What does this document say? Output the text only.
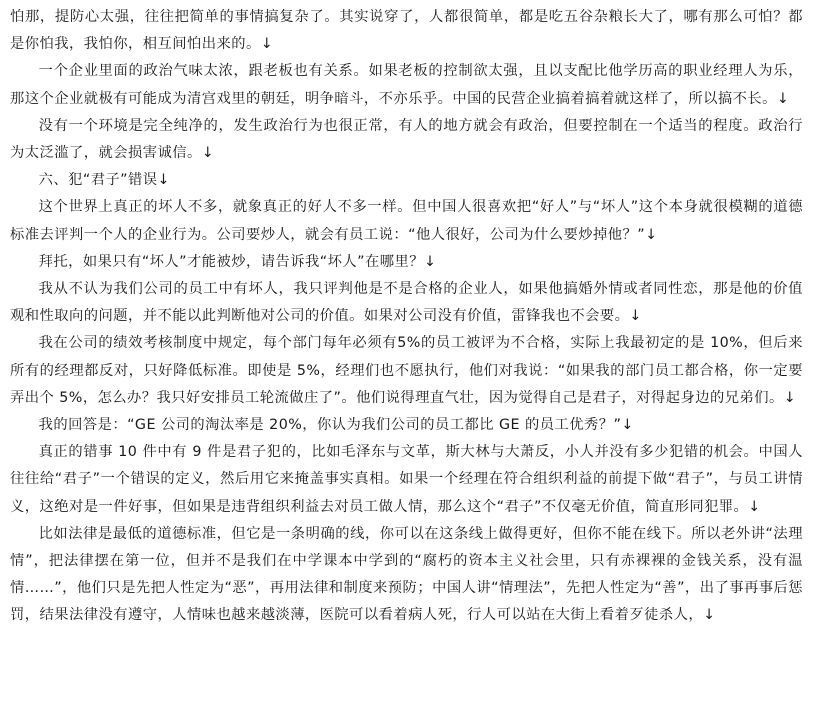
怕那，提防心太强，往往把简单的事情搞复杂了。其实说穿了，人都很简单，都是吃五谷杂粮长大了，哪有那么可怕？都是你怕我，我怕你，相互间怕出来的。↓

一个企业里面的政治气味太浓，跟老板也有关系。如果老板的控制欲太强，且以支配比他学历高的职业经理人为乐，那这个企业就极有可能成为清宫戏里的朝廷，明争暗斗，不亦乐乎。中国的民营企业搞着搞着就这样了，所以搞不长。↓

没有一个环境是完全纯净的，发生政治行为也很正常，有人的地方就会有政治，但要控制在一个适当的程度。政治行为太泛滥了，就会损害诚信。↓

六、犯“君子”错误↓

这个世界上真正的坏人不多，就象真正的好人不多一样。但中国人很喜欢把“好人”与“坏人”这个本身就很模糊的道德标准去评判一个人的企业行为。公司要炒人，就会有员工说：“他人很好，公司为什么要炒掉他？”↓

拜托，如果只有“坏人”才能被炒，请告诉我“坏人”在哪里？↓

我从不认为我们公司的员工中有坏人，我只评判他是不是合格的企业人，如果他搞婚外情或者同性恋，那是他的价值观和性取向的问题，并不能以此判断他对公司的价值。如果对公司没有价值，雷锋我也不会要。↓

我在公司的绩效考核制度中规定，每个部门每年必须有5%的员工被评为不合格，实际上我最初定的是 10%，但后来所有的经理都反对，只好降低标准。即使是 5%，经理们也不愿执行，他们对我说：“如果我的部门员工都合格，你一定要弄出个 5%，怎么办？我只好安排员工轮流做庄了”。他们说得理直气壮，因为觉得自己是君子，对得起身边的兄弟们。↓

我的回答是：“GE 公司的淘汰率是 20%，你认为我们公司的员工都比 GE 的员工优秀？”↓

真正的错事 10 件中有 9 件是君子犯的，比如毛泽东与文革，斯大林与大萧反，小人并没有多少犯错的机会。中国人往往给“君子”一个错误的定义，然后用它来掩盖事实真相。如果一个经理在符合组织利益的前提下做“君子”，与员工讲情义，这绝对是一件好事，但如果是违背组织利益去对员工做人情，那么这个“君子”不仅毫无价值，简直形同犯罪。↓

比如法律是最低的道德标准，但它是一条明确的线，你可以在这条线上做得更好，但你不能在线下。所以老外讲“法理情”，把法律摆在第一位，但并不是我们在中学课本中学到的“腐朽的资本主义社会里，只有赤裸裸的金钱关系，没有温情……”，他们只是先把人性定为“恶”，再用法律和制度来预防；中国人讲“情理法”，先把人性定为“善”，出了事再事后惩罚，结果法律没有遵守，人情味也越来越淡薄，医院可以看着病人死，行人可以站在大街上看着歹徒杀人，↓
